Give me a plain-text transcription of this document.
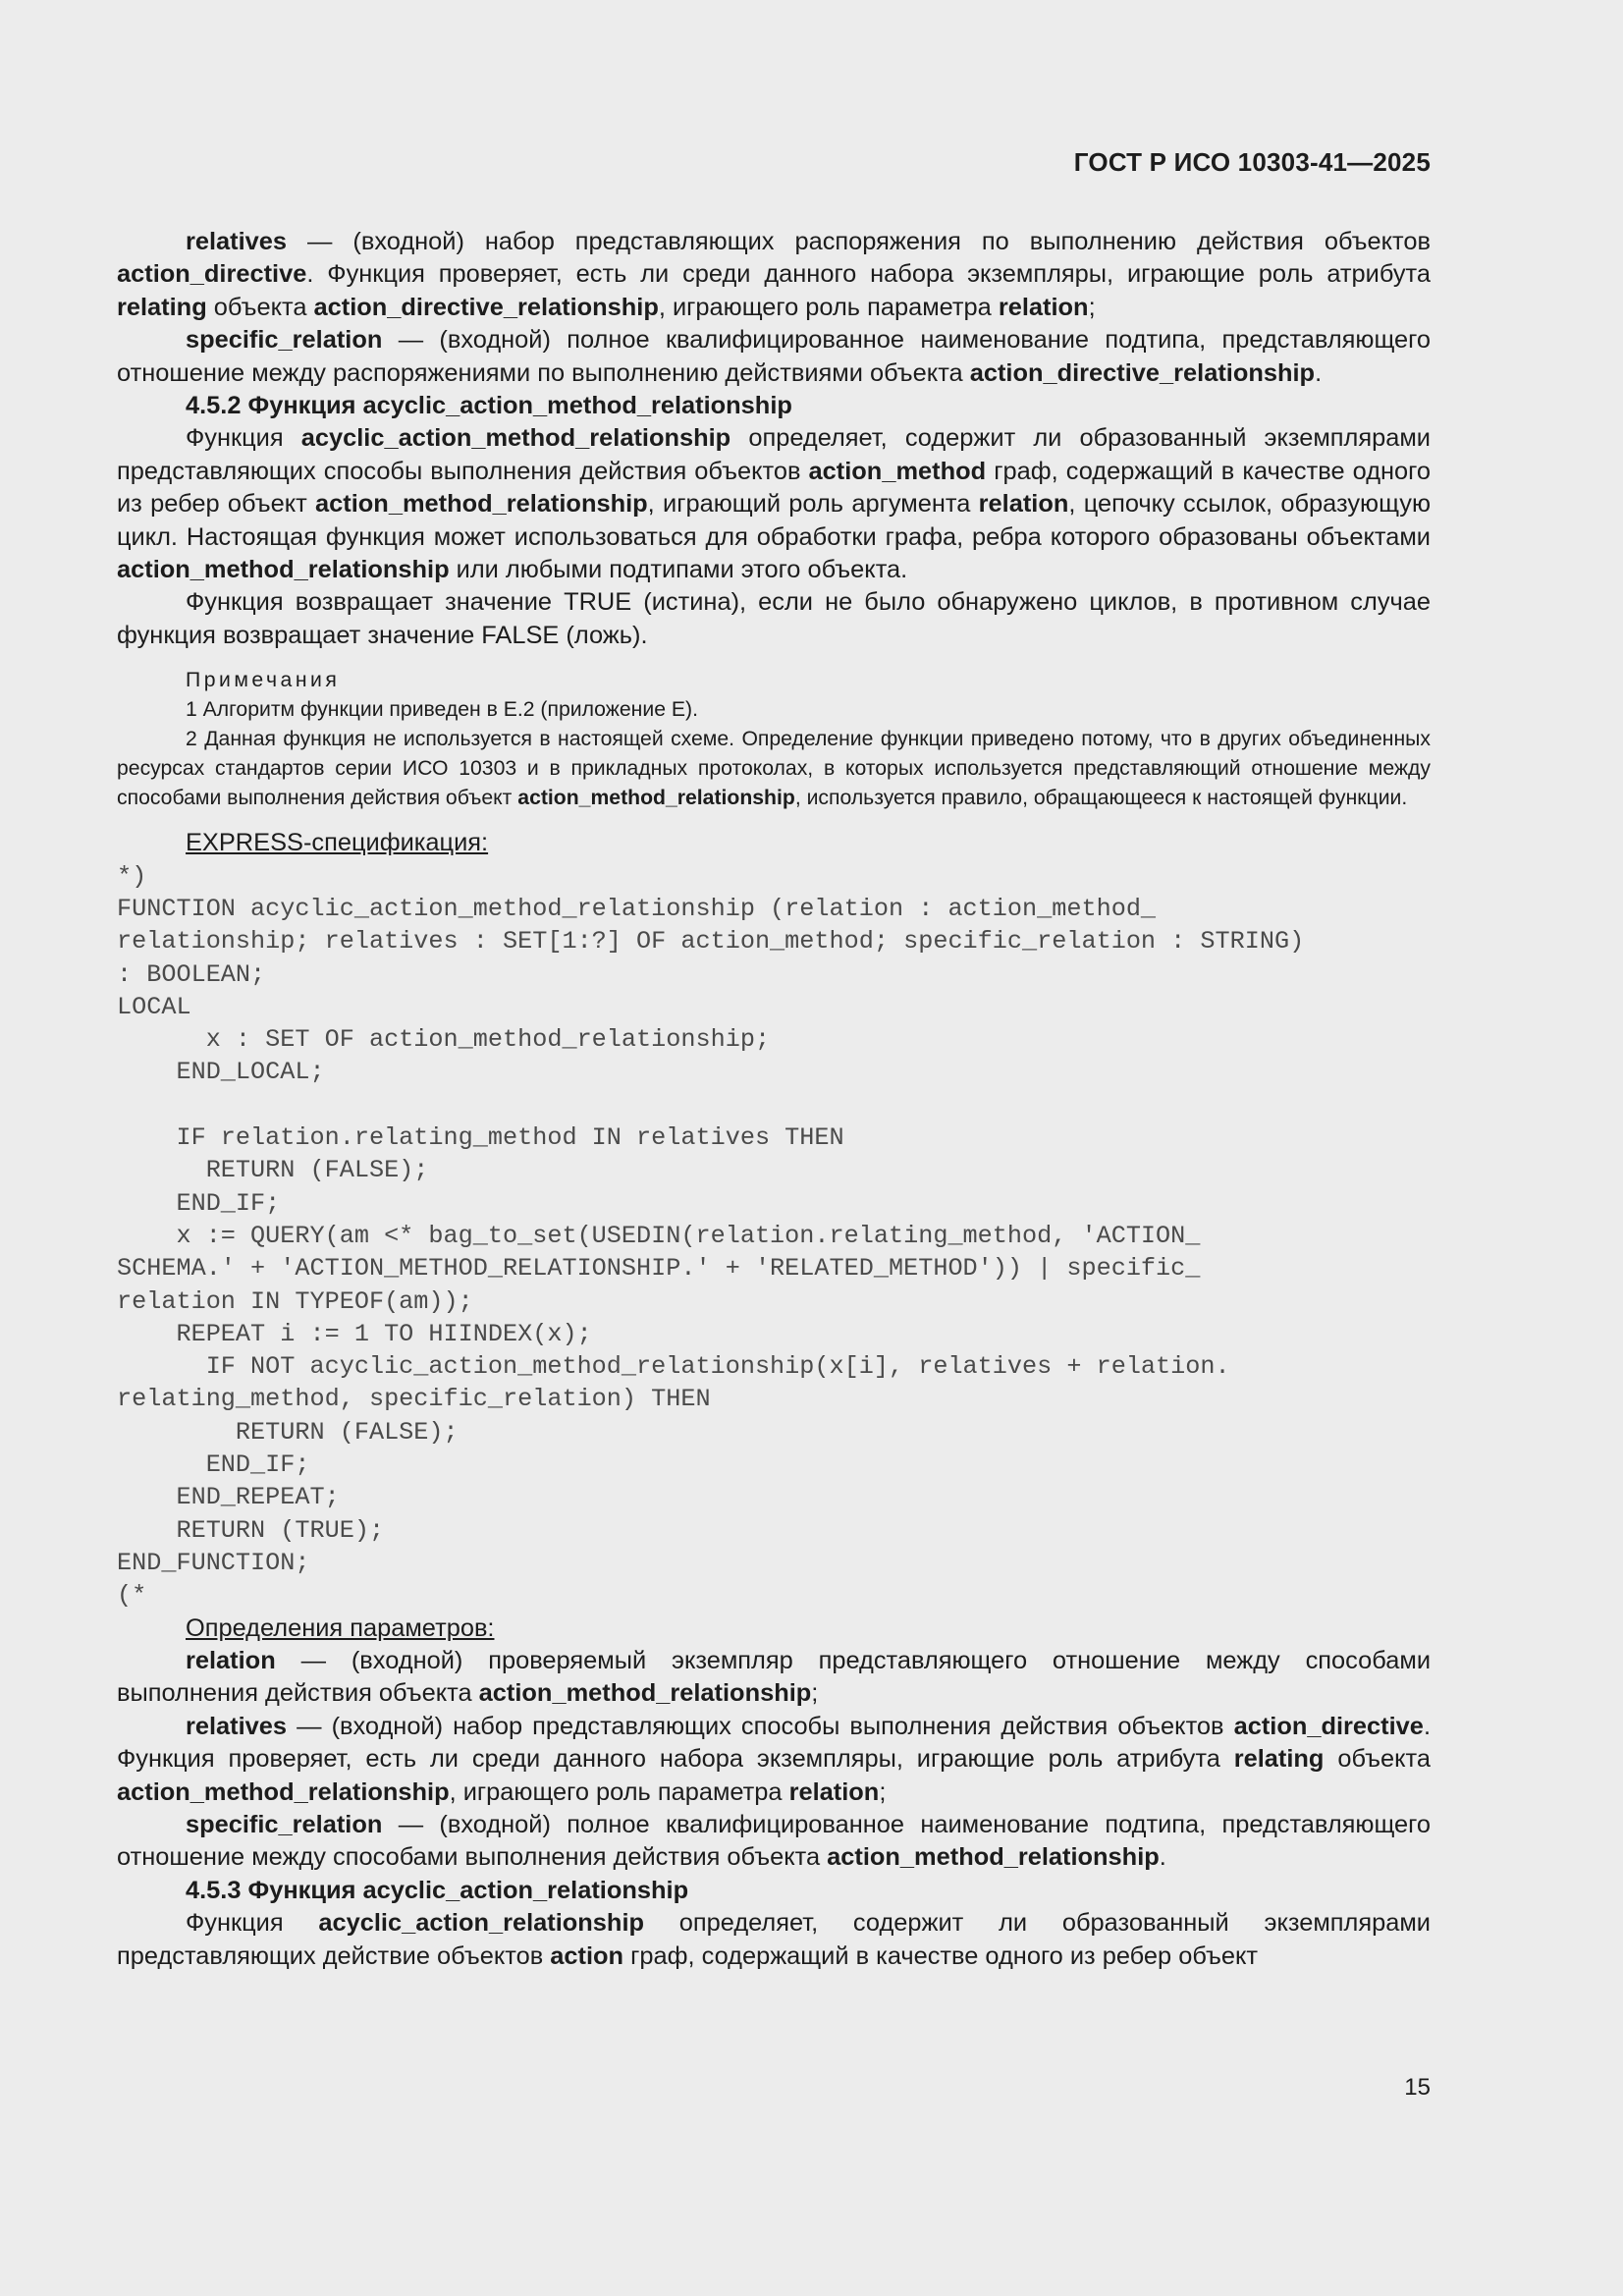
ГОСТ Р ИСО 10303-41—2025

relatives — (входной) набор представляющих распоряжения по выполнению действия объектов action_directive. Функция проверяет, есть ли среди данного набора экземпляры, играющие роль атрибута relating объекта action_directive_relationship, играющего роль параметра relation;

specific_relation — (входной) полное квалифицированное наименование подтипа, представляющего отношение между распоряжениями по выполнению действиями объекта action_directive_relationship.

4.5.2 Функция acyclic_action_method_relationship

Функция acyclic_action_method_relationship определяет, содержит ли образованный экземплярами представляющих способы выполнения действия объектов action_method граф, содержащий в качестве одного из ребер объект action_method_relationship, играющий роль аргумента relation, цепочку ссылок, образующую цикл. Настоящая функция может использоваться для обработки графа, ребра которого образованы объектами action_method_relationship или любыми подтипами этого объекта.

Функция возвращает значение TRUE (истина), если не было обнаружено циклов, в противном случае функция возвращает значение FALSE (ложь).

Примечания

1 Алгоритм функции приведен в Е.2 (приложение Е).

2 Данная функция не используется в настоящей схеме. Определение функции приведено потому, что в других объединенных ресурсах стандартов серии ИСО 10303 и в прикладных протоколах, в которых используется представляющий отношение между способами выполнения действия объект action_method_relationship, используется правило, обращающееся к настоящей функции.

EXPRESS-спецификация:

*)
FUNCTION acyclic_action_method_relationship (relation : action_method_
relationship; relatives : SET[1:?] OF action_method; specific_relation : STRING)
: BOOLEAN;
LOCAL
x : SET OF action_method_relationship;
END_LOCAL;

IF relation.relating_method IN relatives THEN
RETURN (FALSE);
END_IF;
x := QUERY(am <* bag_to_set(USEDIN(relation.relating_method, 'ACTION_
SCHEMA.' + 'ACTION_METHOD_RELATIONSHIP.' + 'RELATED_METHOD')) | specific_
relation IN TYPEOF(am));
REPEAT i := 1 TO HIINDEX(x);
IF NOT acyclic_action_method_relationship(x[i], relatives + relation.
relating_method, specific_relation) THEN
RETURN (FALSE);
END_IF;
END_REPEAT;
RETURN (TRUE);
END_FUNCTION;
(*

Определения параметров:

relation — (входной) проверяемый экземпляр представляющего отношение между способами выполнения действия объекта action_method_relationship;

relatives — (входной) набор представляющих способы выполнения действия объектов action_directive. Функция проверяет, есть ли среди данного набора экземпляры, играющие роль атрибута relating объекта action_method_relationship, играющего роль параметра relation;

specific_relation — (входной) полное квалифицированное наименование подтипа, представляющего отношение между способами выполнения действия объекта action_method_relationship.

4.5.3 Функция acyclic_action_relationship

Функция acyclic_action_relationship определяет, содержит ли образованный экземплярами представляющих действие объектов action граф, содержащий в качестве одного из ребер объект

15
